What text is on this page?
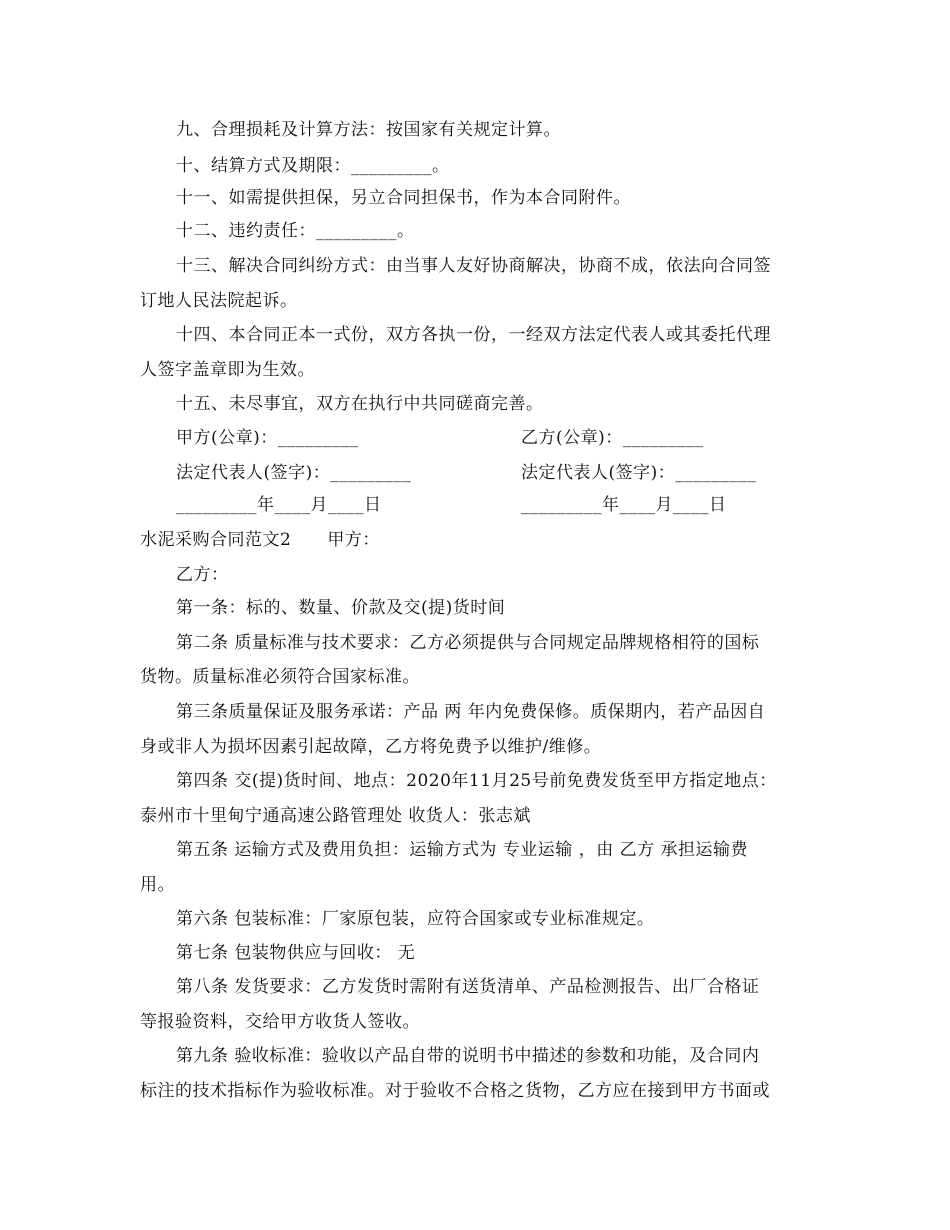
九、合理损耗及计算方法：按国家有关规定计算。
十、结算方式及期限：_________。
十一、如需提供担保，另立合同担保书，作为本合同附件。
十二、违约责任：_________。
十三、解决合同纠纷方式：由当事人友好协商解决，协商不成，依法向合同签
订地人民法院起诉。
十四、本合同正本一式份，双方各执一份，一经双方法定代表人或其委托代理
人签字盖章即为生效。
十五、未尽事宜，双方在执行中共同磋商完善。
甲方(公章)：_________	乙方(公章)：_________
法定代表人(签字)：_________	法定代表人(签字)：_________
_________年____月____日	_________年____月____日
水泥采购合同范文2 甲方：
乙方：
第一条：标的、数量、价款及交(提)货时间
第二条 质量标准与技术要求：乙方必须提供与合同规定品牌规格相符的国标
货物。质量标准必须符合国家标准。
第三条质量保证及服务承诺：产品 两 年内免费保修。质保期内，若产品因自
身或非人为损坏因素引起故障，乙方将免费予以维护/维修。
第四条 交(提)货时间、地点：2020年11月25号前免费发货至甲方指定地点：
泰州市十里甸宁通高速公路管理处 收货人：张志斌
第五条 运输方式及费用负担：运输方式为 专业运输 ，由 乙方 承担运输费
用。
第六条 包装标准：厂家原包装，应符合国家或专业标准规定。
第七条 包装物供应与回收： 无
第八条 发货要求：乙方发货时需附有送货清单、产品检测报告、出厂合格证
等报验资料，交给甲方收货人签收。
第九条 验收标准：验收以产品自带的说明书中描述的参数和功能，及合同内
标注的技术指标作为验收标准。对于验收不合格之货物，乙方应在接到甲方书面或
